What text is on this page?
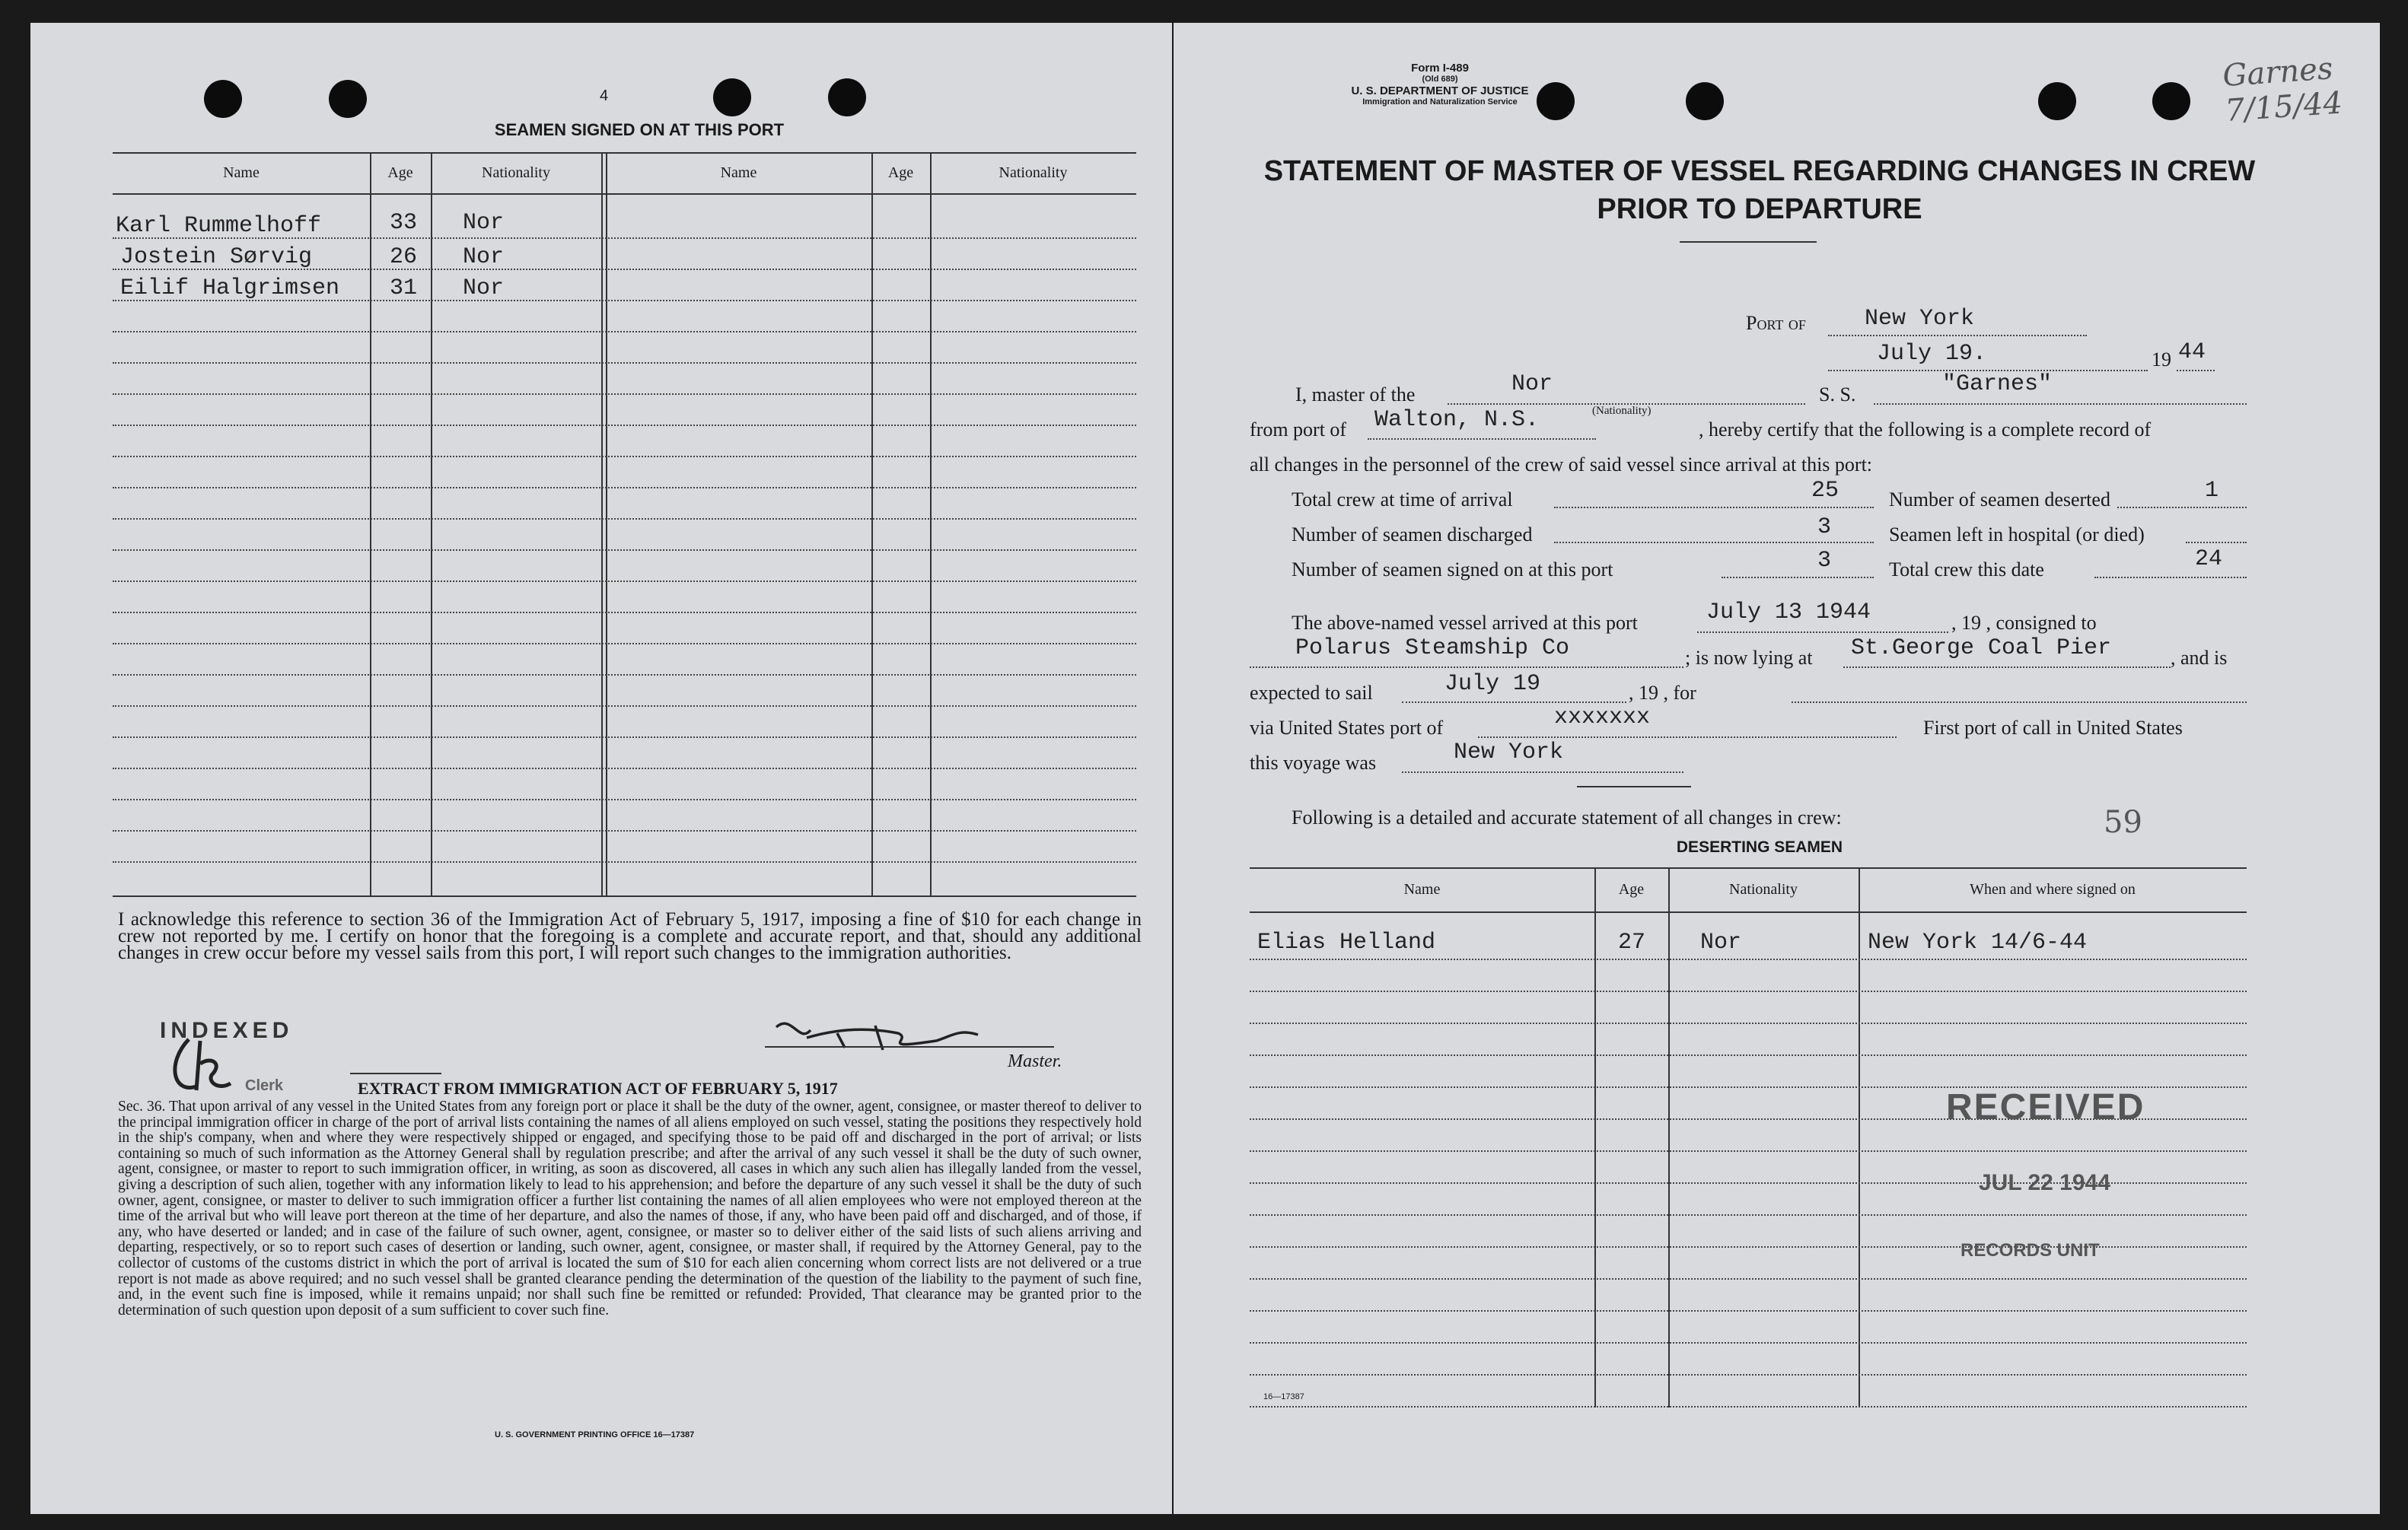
4
SEAMEN SIGNED ON AT THIS PORT
Name	Age	Nationality	Name	Age	Nationality
Karl Rummelhoff	33 Nor
Jostein Sørvig	26 Nor
Eilif Halgrimsen 31 Nor
I acknowledge this reference to section 36 of the Immigration Act of February 5, 1917, imposing a fine of $10 for each change in crew not reported by me. I certify on honor that the foregoing is a complete and accurate report, and that, should any additional changes in crew occur before my vessel sails from this port, I will report such changes to the immigration authorities.
Master.
INDEXED
Clerk	EXTRACT FROM IMMIGRATION ACT OF FEBRUARY 5, 1917
Sec. 36. That upon arrival of any vessel in the United States from any foreign port or place it shall be the duty of the owner, agent, consignee, or master thereof to deliver to the principal immigration officer in charge of the port of arrival lists containing the names of all aliens employed on such vessel, stating the positions they respectively hold in the ship's company, when and where they were respectively shipped or engaged, and specifying those to be paid off and discharged in the port of arrival; or lists containing so much of such information as the Attorney General shall by regulation prescribe; and after the arrival of any such vessel it shall be the duty of such owner, agent, consignee, or master to report to such immigration officer, in writing, as soon as discovered, all cases in which any such alien has illegally landed from the vessel, giving a description of such alien, together with any information likely to lead to his apprehension; and before the departure of any such vessel it shall be the duty of such owner, agent, consignee, or master to deliver to such immigration officer a further list containing the names of all alien employees who were not employed thereon at the time of the arrival but who will leave port thereon at the time of her departure, and also the names of those, if any, who have been paid off and discharged, and of those, if any, who have deserted or landed; and in case of the failure of such owner, agent, consignee, or master so to deliver either of the said lists of such aliens arriving and departing, respectively, or so to report such cases of desertion or landing, such owner, agent, consignee, or master shall, if required by the Attorney General, pay to the collector of customs of the customs district in which the port of arrival is located the sum of $10 for each alien concerning whom correct lists are not delivered or a true report is not made as above required; and no such vessel shall be granted clearance pending the determination of the question of the liability to the payment of such fine, and, in the event such fine is imposed, while it remains unpaid; nor shall such fine be remitted or refunded: Provided, That clearance may be granted prior to the determination of such question upon deposit of a sum sufficient to cover such fine.
U. S. GOVERNMENT PRINTING OFFICE 16—17387
Form I-489
(Old 689)
U. S. DEPARTMENT OF JUSTICE
Immigration and Naturalization Service
Garnes 7/15/44
STATEMENT OF MASTER OF VESSEL REGARDING CHANGES IN CREW
PRIOR TO DEPARTURE
Port of	New York
July 19.	19 44
I, master of the	Nor
(Nationality)
S. S.	"Garnes"
from port of Walton, N.S.	, hereby certify that the following is a complete record of
all changes in the personnel of the crew of said vessel since arrival at this port:
Total crew at time of arrival	25	Number of seamen deserted	1
Number of seamen discharged	3	Seamen left in hospital (or died)
Number of seamen signed on at this port	3	Total crew this date	24
The above-named vessel arrived at this port	July 13 1944	, 19 , consigned to
Polarus Steamship Co	; is now lying at St.George Coal Pier	, and is
expected to sail	July 19	, 19 , for
via United States port of	xxxxxxx	First port of call in United States
this voyage was	New York
Following is a detailed and accurate statement of all changes in crew:	59
DESERTING SEAMEN
Name	Age	Nationality	When and where signed on
Elias Helland	27 Nor	New York 14/6-44
RECEIVED
JUL 22 1944
RECORDS UNIT
16—17387
